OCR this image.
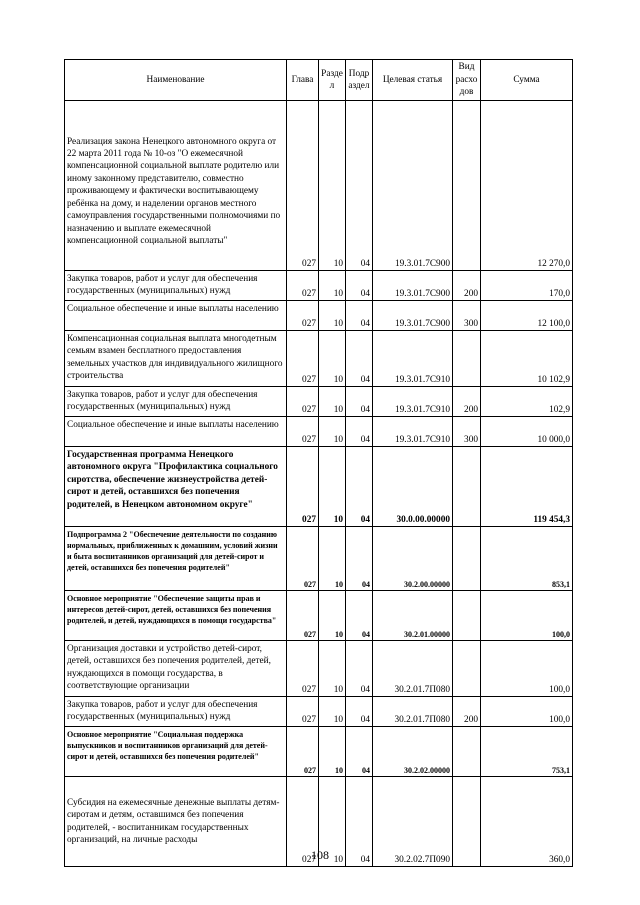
Наименование	Глава	Разде л	Подр аздел	Целевая статья	Вид расхо дов	Сумма
Реализация закона Ненецкого автономного округа от 22 марта 2011 года № 10-оз "О ежемесячной компенсационной социальной выплате родителю или иному законному представителю, совместно проживающему и фактически воспитывающему ребёнка на дому, и наделении органов местного самоуправления государственными полномочиями по назначению и выплате ежемесячной компенсационной социальной выплаты"	027	10	04	19.3.01.7С900		12 270,0
Закупка товаров, работ и услуг для обеспечения государственных (муниципальных) нужд	027	10	04	19.3.01.7С900	200	170,0
Социальное обеспечение и иные выплаты населению	027	10	04	19.3.01.7С900	300	12 100,0
Компенсационная социальная выплата многодетным семьям взамен бесплатного предоставления земельных участков для индивидуального жилищного строительства	027	10	04	19.3.01.7С910		10 102,9
Закупка товаров, работ и услуг для обеспечения государственных (муниципальных) нужд	027	10	04	19.3.01.7С910	200	102,9
Социальное обеспечение и иные выплаты населению	027	10	04	19.3.01.7С910	300	10 000,0
Государственная программа Ненецкого автономного округа "Профилактика социального сиротства, обеспечение жизнеустройства детей-сирот и детей, оставшихся без попечения родителей, в Ненецком автономном округе"	027	10	04	30.0.00.00000		119 454,3
Подпрограмма 2 "Обеспечение деятельности по созданию нормальных, приближенных к домашним, условий жизни и быта воспитанников организаций для детей-сирот и детей, оставшихся без попечения родителей"	027	10	04	30.2.00.00000		853,1
Основное мероприятие "Обеспечение защиты прав и интересов детей-сирот, детей, оставшихся без попечения родителей, и детей, нуждающихся в помощи государства"	027	10	04	30.2.01.00000		100,0
Организация доставки и устройство детей-сирот, детей, оставшихся без попечения родителей, детей, нуждающихся в помощи государства, в соответствующие организации	027	10	04	30.2.01.7П080		100,0
Закупка товаров, работ и услуг для обеспечения государственных (муниципальных) нужд	027	10	04	30.2.01.7П080	200	100,0
Основное мероприятие "Социальная поддержка выпускников и воспитанников организаций для детей-сирот и детей, оставшихся без попечения родителей"	027	10	04	30.2.02.00000		753,1
Субсидия на ежемесячные денежные выплаты детям-сиротам и детям, оставшимся без попечения родителей, - воспитанникам государственных организаций, на личные расходы	027	10	04	30.2.02.7П090		360,0
108
